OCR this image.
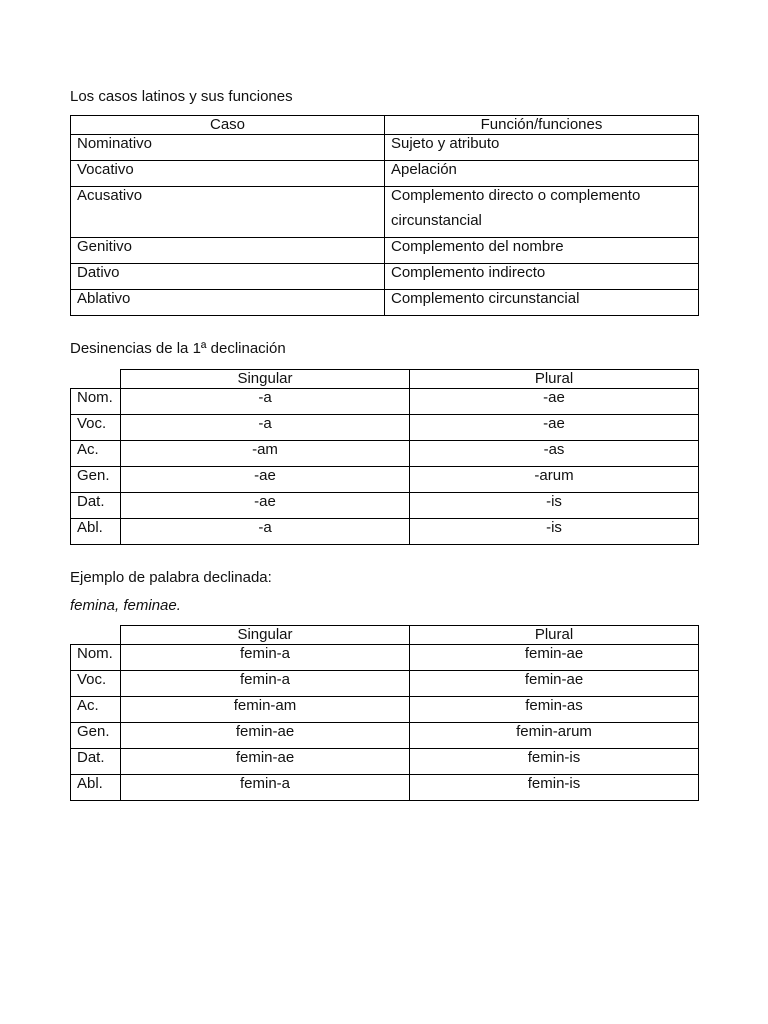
Los casos latinos y sus funciones
Caso	Función/funciones
Nominativo	Sujeto y atributo
Vocativo	Apelación
Acusativo	Complemento directo o complemento
circunstancial

Genitivo	Complemento del nombre
Dativo	Complemento indirecto
Ablativo	Complemento circunstancial
Desinencias de la 1ª declinación
	Singular	Plural
Nom.	-a	-ae
Voc.	-a	-ae
Ac.	-am	-as
Gen.	-ae	-arum
Dat.	-ae	-is
Abl.	-a	-is
Ejemplo de palabra declinada:
femina, feminae.
	Singular	Plural
Nom.	femin-a	femin-ae
Voc.	femin-a	femin-ae
Ac.	femin-am	femin-as
Gen.	femin-ae	femin-arum
Dat.	femin-ae	femin-is
Abl.	femin-a	femin-is
